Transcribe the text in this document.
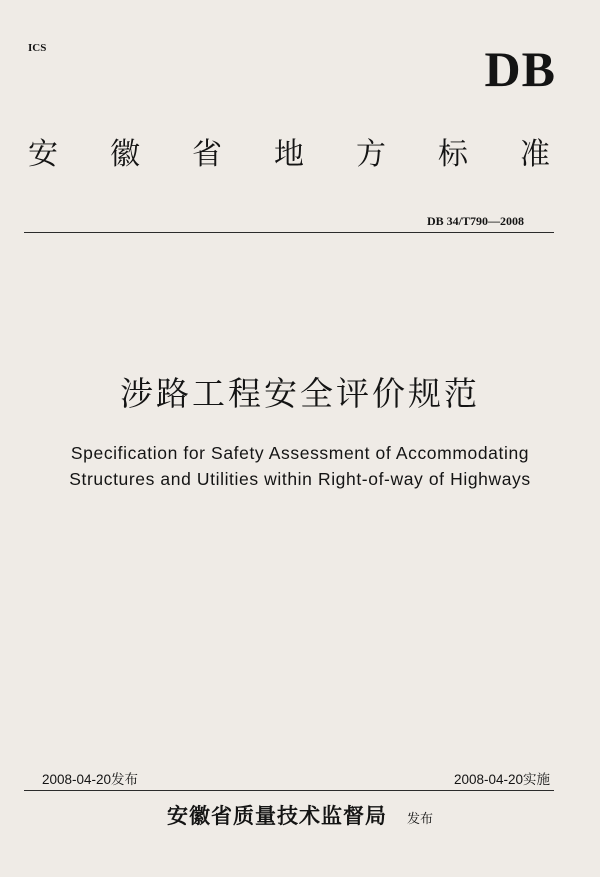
ICS	DB
安 徽 省 地 方 标 准
DB 34/T790—2008
涉路工程安全评价规范
Specification for Safety Assessment of Accommodating
Structures and Utilities within Right-of-way of Highways
2008-04-20发布	2008-04-20实施
安徽省质量技术监督局 发布
